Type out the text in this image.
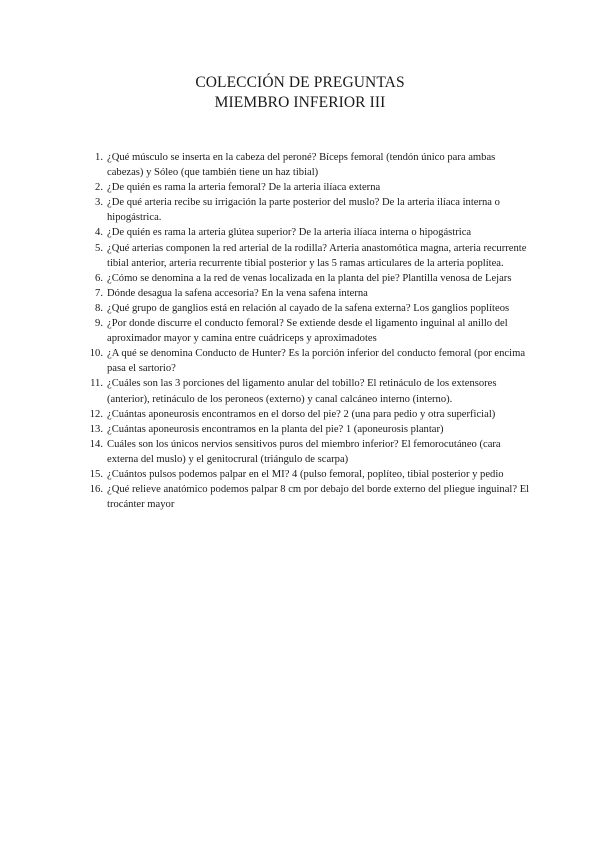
COLECCIÓN DE PREGUNTAS
MIEMBRO INFERIOR III
1. ¿Qué músculo se inserta en la cabeza del peroné? Bíceps femoral (tendón único para ambas cabezas) y Sóleo (que también tiene un haz tibial)
2. ¿De quién es rama la arteria femoral? De la arteria ilíaca externa
3. ¿De qué arteria recibe su irrigación la parte posterior del muslo? De la arteria ilíaca interna o hipogástrica.
4. ¿De quién es rama la arteria glútea superior? De la arteria ilíaca interna o hipogástrica
5. ¿Qué arterias componen la red arterial de la rodilla? Arteria anastomótica magna, arteria recurrente tibial anterior, arteria recurrente tibial posterior y las 5 ramas articulares de la arteria poplítea.
6. ¿Cómo se denomina a la red de venas localizada en la planta del pie? Plantilla venosa de Lejars
7. Dónde desagua la safena accesoria? En la vena safena interna
8. ¿Qué grupo de ganglios está en relación al cayado de la safena externa? Los ganglios poplíteos
9. ¿Por donde discurre el conducto femoral? Se extiende desde el ligamento inguinal al anillo del aproximador mayor y camina entre cuádriceps y aproximadotes
10. ¿A qué se denomina Conducto de Hunter? Es la porción inferior del conducto femoral (por encima pasa el sartorio?
11. ¿Cuáles son las 3 porciones del ligamento anular del tobillo? El retináculo de los extensores (anterior), retináculo de los peroneos (externo) y canal calcáneo interno (interno).
12. ¿Cuántas aponeurosis encontramos en el dorso del pie? 2 (una para pedio y otra superficial)
13. ¿Cuántas aponeurosis encontramos en la planta del pie? 1 (aponeurosis plantar)
14. Cuáles son los únicos nervios sensitivos puros del miembro inferior? El femorocutáneo (cara externa del muslo) y el genitocrural (triángulo de scarpa)
15. ¿Cuántos pulsos podemos palpar en el MI? 4 (pulso femoral, poplíteo, tibial posterior y pedio
16. ¿Qué relieve anatómico podemos palpar 8 cm por debajo del borde externo del pliegue inguinal? El trocánter mayor
